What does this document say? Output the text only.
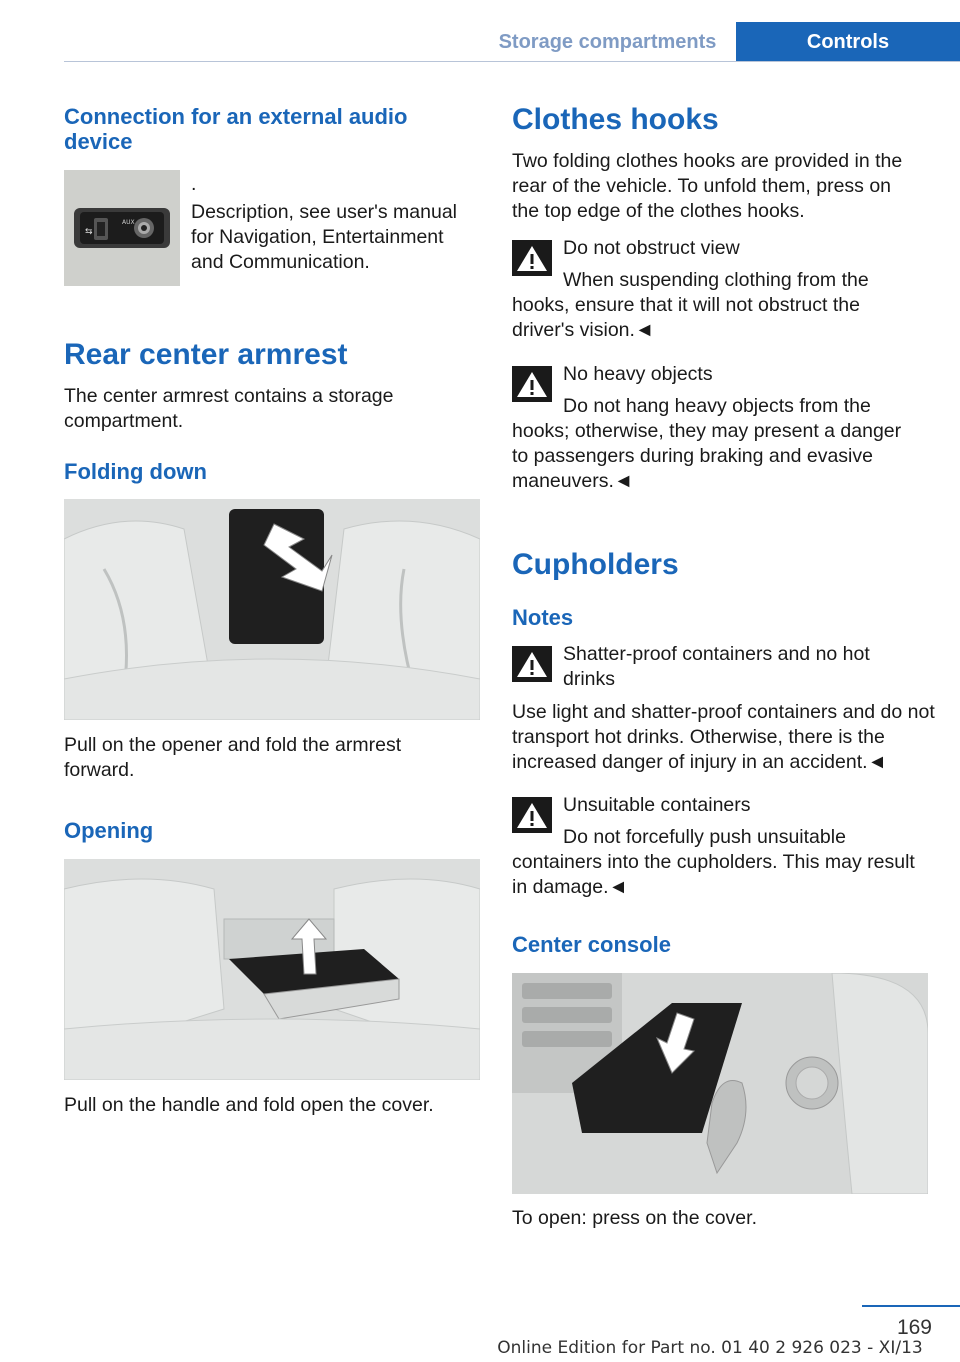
Storage compartments	Controls
Connection for an external audio device
⇆
AUX

.

Description, see user's manual for Navigation, Entertainment and Communication.

Rear center armrest

The center armrest contains a storage compartment.

Folding down

Pull on the opener and fold the armrest forward.

Opening

Pull on the handle and fold open the cover.

Clothes hooks

Two folding clothes hooks are provided in the rear of the vehicle. To unfold them, press on the top edge of the clothes hooks.

Do not obstruct view

When suspending clothing from the hooks, ensure that it will not obstruct the driver's vision.◄

No heavy objects

Do not hang heavy objects from the hooks; otherwise, they may present a danger to passengers during braking and evasive maneuvers.◄

Cupholders
Notes

Shatter-proof containers and no hot drinks

Use light and shatter-proof containers and do not transport hot drinks. Otherwise, there is the increased danger of injury in an accident.◄

Unsuitable containers

Do not forcefully push unsuitable containers into the cupholders. This may result in damage.◄

Center console

To open: press on the cover.

169
Online Edition for Part no. 01 40 2 926 023 - XI/13
